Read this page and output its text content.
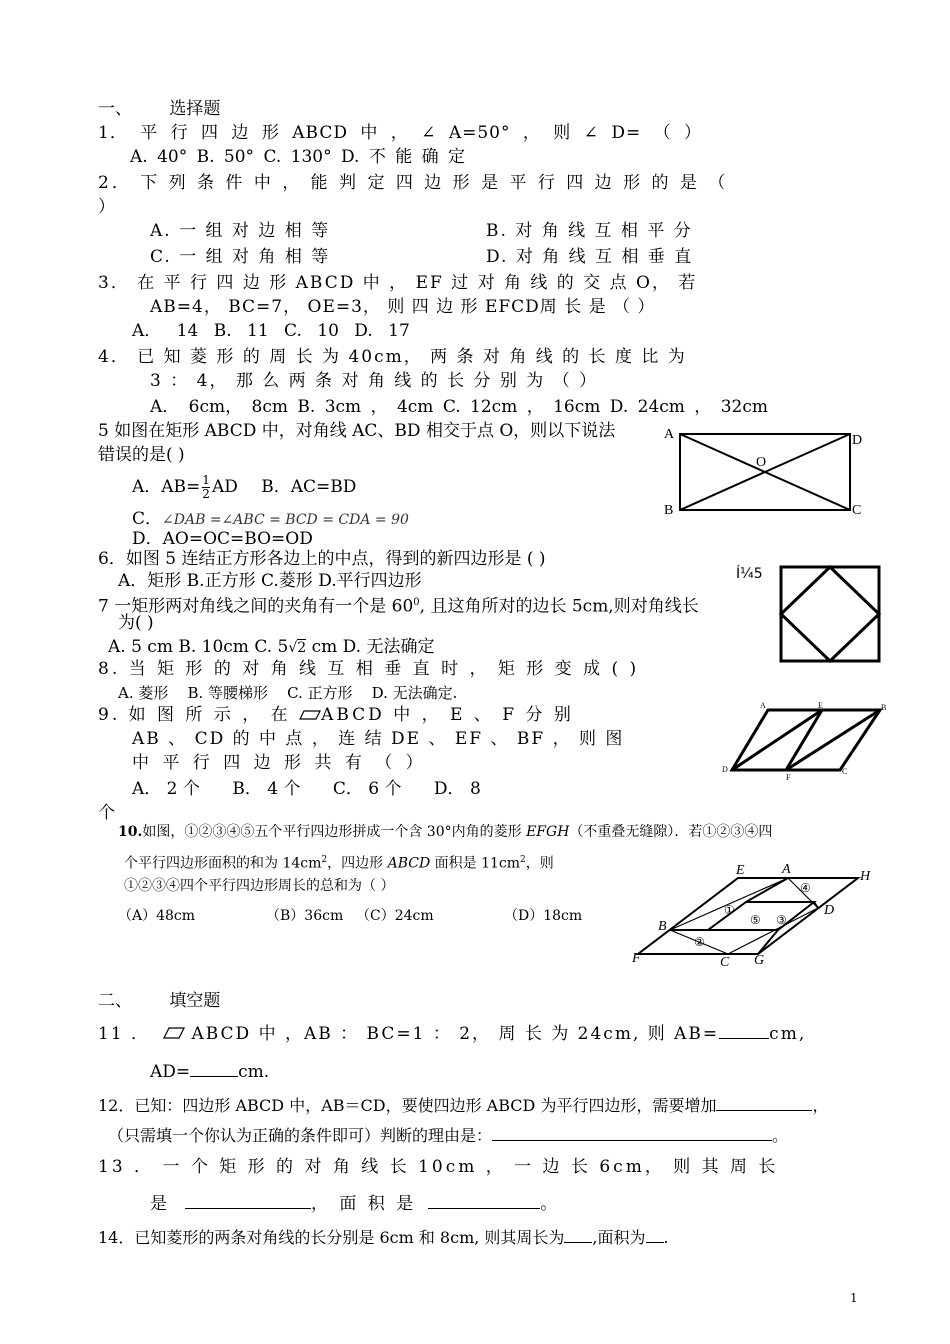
一、 选择题
1． 平 行 四 边 形 ABCD 中 ， ∠ A=50° ， 则 ∠ D= （ ）
A. 40° B. 50° C. 130° D. 不 能 确 定
2． 下 列 条 件 中 ， 能 判 定 四 边 形 是 平 行 四 边 形 的 是 （
）
A. 一 组 对 边 相 等	B. 对 角 线 互 相 平 分
C. 一 组 对 角 相 等	D. 对 角 线 互 相 垂 直
3． 在 平 行 四 边 形 ABCD 中 ， EF 过 对 角 线 的 交 点 O， 若
AB=4， BC=7， OE=3， 则 四 边 形 EFCD周 长 是 （ ）
A． 14 B. 11 C. 10 D. 17
4． 已 知 菱 形 的 周 长 为 40cm， 两 条 对 角 线 的 长 度 比 为
3 ： 4， 那 么 两 条 对 角 线 的 长 分 别 为 （ ）
A． 6cm， 8cm B. 3cm ， 4cm C. 12cm ， 16cm D. 24cm ， 32cm
5 如图在矩形 ABCD 中，对角线 AC、BD 相交于点 O，则以下说法
错误的是( )
A．$AB= \frac{1}{2}$ AD B．AC=BD
C．∠DAB =∠ABC = BCD = CDA = 90
D．AO=OC=BO=OD
A	D
O
B	C
6．如图 5 连结正方形各边上的中点，得到的新四边形是 ( )
A．矩形 B.正方形 C.菱形 D.平行四边形	Í¼5
7 一矩形两对角线之间的夹角有一个是 $60^0$, 且这角所对的边长 5cm,则对角线长
为( )
A. 5 cm B. 10cm C. 5√2 cm D. 无法确定
8. 当 矩 形 的 对 角 线 互 相 垂 直 时 ， 矩 形 变 成 ( )
A. 菱形    B. 等腰梯形    C. 正方形    D. 无法确定.
9. 如 图 所 示 ， 在 ABCD 中 ， E 、 F 分 别
AB 、 CD 的 中 点 ， 连 结 DE 、 EF 、 BF ， 则 图
中 平 行 四 边 形 共 有 （ ）
A． 2 个      B． 4 个      C． 6 个      D． 8
个
A	E	B
D
F
C
10.如图，①②③④⑤五个平行四边形拼成一个含 30°内角的菱形 EFGH（不重叠无缝隙）．若①②③④四
个平行四边形面积的和为 $14cm^2$，四边形 ABCD 面积是 $11cm^2$，则
①②③④四个平行四边形周长的总和为（ ）
（A）48cm	（B）36cm （C）24cm	（D）18cm
E	A	H
B
D
F	C G
①
②
③
④
⑤
二、 填空题
11 ． ABCD 中 ，AB ： BC=1 ： 2， 周 长 为 24cm, 则 AB=	cm,
AD=	cm.
12．已知：四边形 ABCD 中，AB＝CD，要使四边形 ABCD 为平行四边形，需要增加	，
（只需填一个你认为正确的条件即可）判断的理由是：	。
13 ． 一 个 矩 形 的 对 角 线 长 10cm ， 一 边 长 6cm， 则 其 周 长
是	， 面 积 是	。
14．已知菱形的两条对角线的长分别是 6cm 和 8cm, 则其周长为 ,面积为 .
1
